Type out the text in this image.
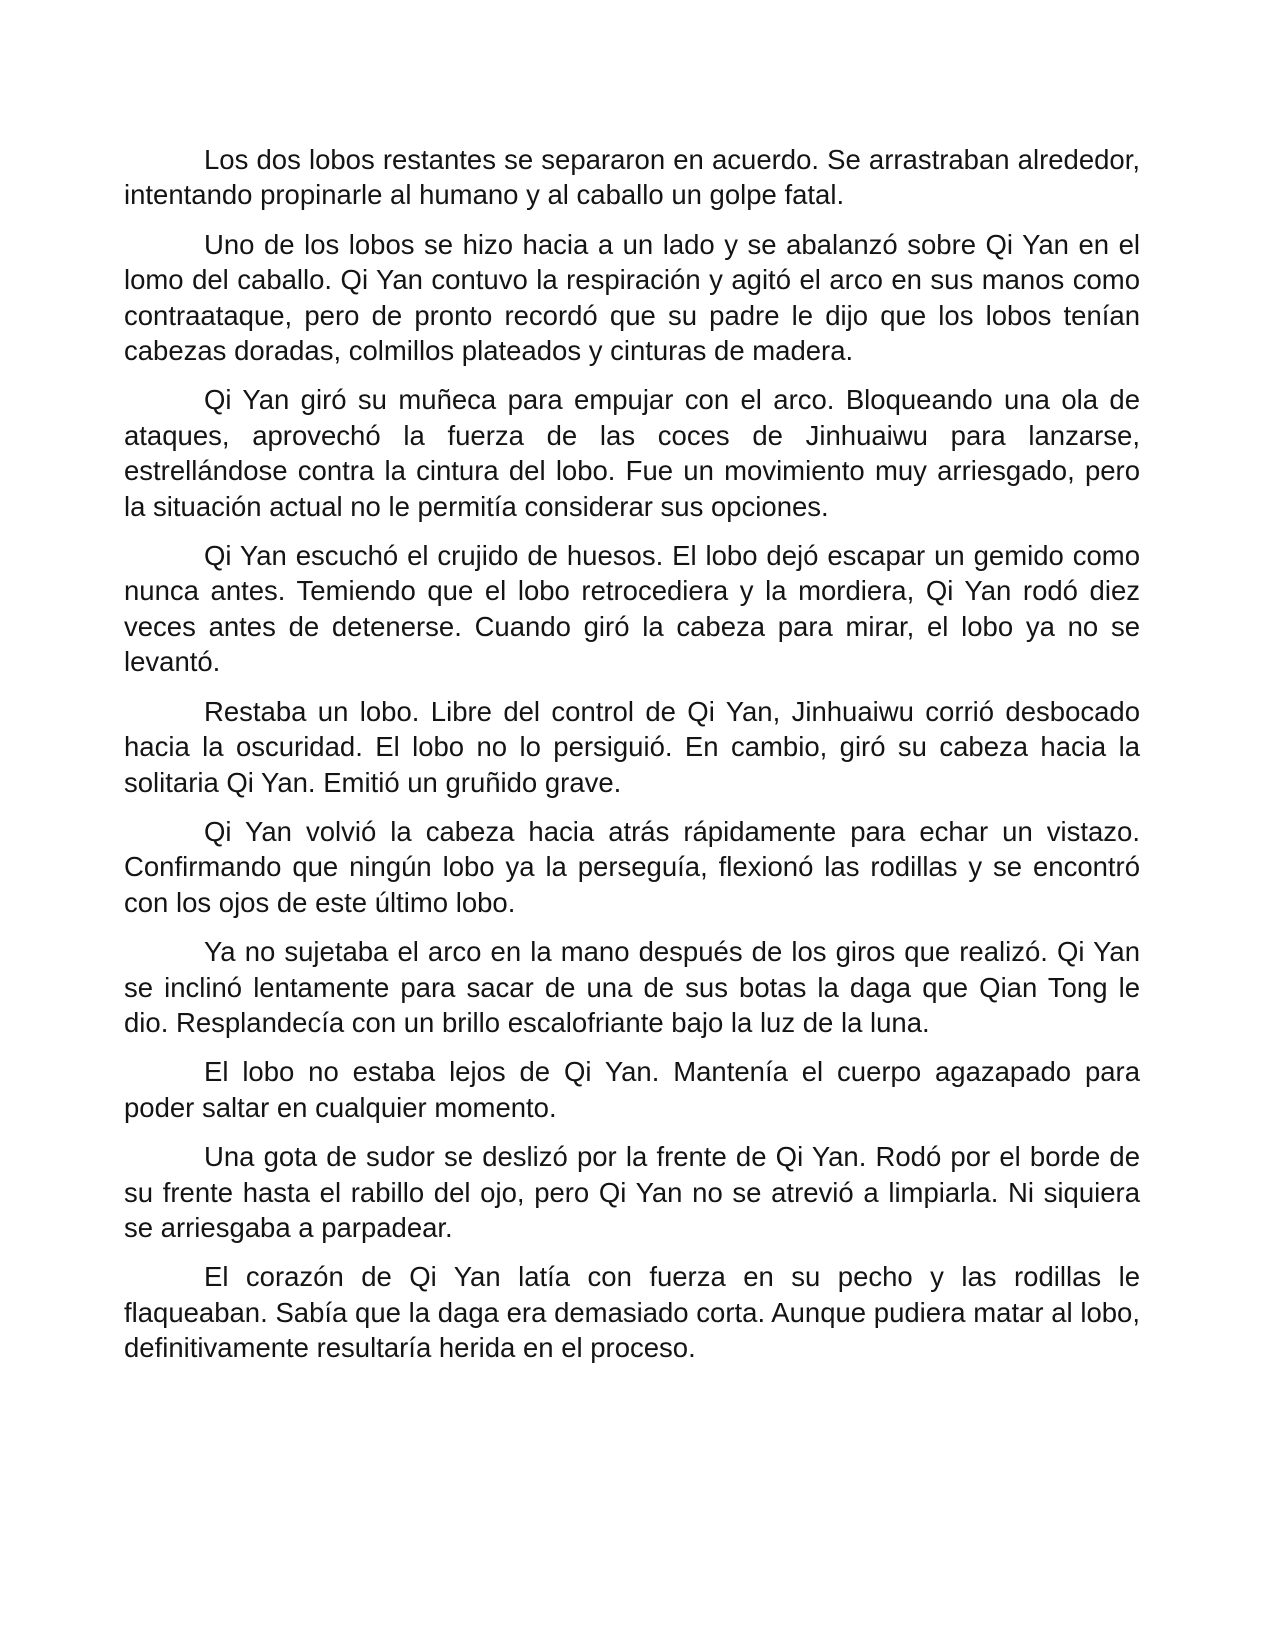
Los dos lobos restantes se separaron en acuerdo. Se arrastraban alrededor, intentando propinarle al humano y al caballo un golpe fatal.

Uno de los lobos se hizo hacia a un lado y se abalanzó sobre Qi Yan en el lomo del caballo. Qi Yan contuvo la respiración y agitó el arco en sus manos como contraataque, pero de pronto recordó que su padre le dijo que los lobos tenían cabezas doradas, colmillos plateados y cinturas de madera.

Qi Yan giró su muñeca para empujar con el arco. Bloqueando una ola de ataques, aprovechó la fuerza de las coces de Jinhuaiwu para lanzarse, estrellándose contra la cintura del lobo. Fue un movimiento muy arriesgado, pero la situación actual no le permitía considerar sus opciones.

Qi Yan escuchó el crujido de huesos. El lobo dejó escapar un gemido como nunca antes. Temiendo que el lobo retrocediera y la mordiera, Qi Yan rodó diez veces antes de detenerse. Cuando giró la cabeza para mirar, el lobo ya no se levantó.

Restaba un lobo. Libre del control de Qi Yan, Jinhuaiwu corrió desbocado hacia la oscuridad. El lobo no lo persiguió. En cambio, giró su cabeza hacia la solitaria Qi Yan. Emitió un gruñido grave.

Qi Yan volvió la cabeza hacia atrás rápidamente para echar un vistazo. Confirmando que ningún lobo ya la perseguía, flexionó las rodillas y se encontró con los ojos de este último lobo.

Ya no sujetaba el arco en la mano después de los giros que realizó. Qi Yan se inclinó lentamente para sacar de una de sus botas la daga que Qian Tong le dio. Resplandecía con un brillo escalofriante bajo la luz de la luna.

El lobo no estaba lejos de Qi Yan. Mantenía el cuerpo agazapado para poder saltar en cualquier momento.

Una gota de sudor se deslizó por la frente de Qi Yan. Rodó por el borde de su frente hasta el rabillo del ojo, pero Qi Yan no se atrevió a limpiarla. Ni siquiera se arriesgaba a parpadear.

El corazón de Qi Yan latía con fuerza en su pecho y las rodillas le flaqueaban. Sabía que la daga era demasiado corta. Aunque pudiera matar al lobo, definitivamente resultaría herida en el proceso.
